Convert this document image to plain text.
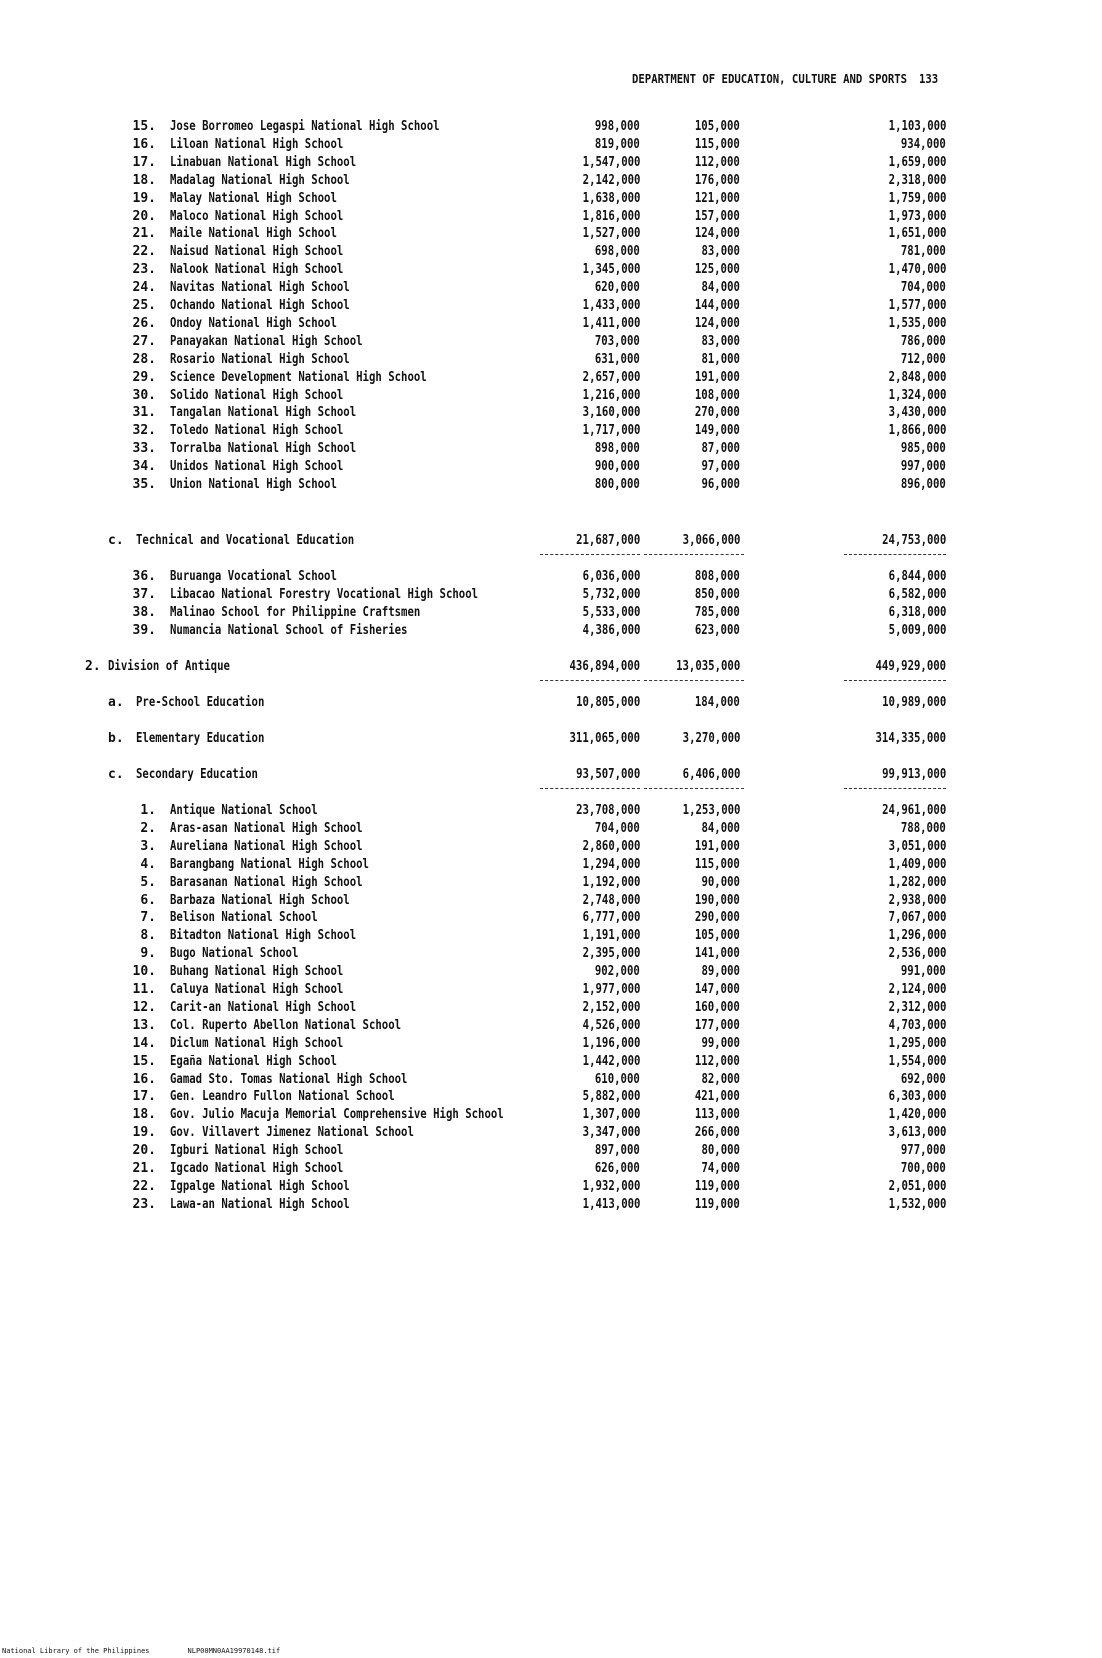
DEPARTMENT OF EDUCATION, CULTURE AND SPORTS 133
15. Jose Borromeo Legaspi National High School	998,000	105,000	1,103,000
16. Liloan National High School	819,000	115,000	934,000
17. Linabuan National High School	1,547,000	112,000	1,659,000
18. Madalag National High School	2,142,000	176,000	2,318,000
19. Malay National High School	1,638,000	121,000	1,759,000
20. Maloco National High School	1,816,000	157,000	1,973,000
21. Maile National High School	1,527,000	124,000	1,651,000
22. Naisud National High School	698,000	83,000	781,000
23. Nalook National High School	1,345,000	125,000	1,470,000
24. Navitas National High School	620,000	84,000	704,000
25. Ochando National High School	1,433,000	144,000	1,577,000
26. Ondoy National High School	1,411,000	124,000	1,535,000
27. Panayakan National High School	703,000	83,000	786,000
28. Rosario National High School	631,000	81,000	712,000
29. Science Development National High School	2,657,000	191,000	2,848,000
30. Solido National High School	1,216,000	108,000	1,324,000
31. Tangalan National High School	3,160,000	270,000	3,430,000
32. Toledo National High School	1,717,000	149,000	1,866,000
33. Torralba National High School	898,000	87,000	985,000
34. Unidos National High School	900,000	97,000	997,000
35. Union National High School	800,000	96,000	896,000
c. Technical and Vocational Education	21,687,000	3,066,000	24,753,000
36. Buruanga Vocational School	6,036,000	808,000	6,844,000
37. Libacao National Forestry Vocational High School	5,732,000	850,000	6,582,000
38. Malinao School for Philippine Craftsmen	5,533,000	785,000	6,318,000
39. Numancia National School of Fisheries	4,386,000	623,000	5,009,000
2. Division of Antique	436,894,000	13,035,000	449,929,000
a. Pre-School Education	10,805,000	184,000	10,989,000
b. Elementary Education	311,065,000	3,270,000	314,335,000
c. Secondary Education	93,507,000	6,406,000	99,913,000
1. Antique National School	23,708,000	1,253,000	24,961,000
2. Aras-asan National High School	704,000	84,000	788,000
3. Aureliana National High School	2,860,000	191,000	3,051,000
4. Barangbang National High School	1,294,000	115,000	1,409,000
5. Barasanan National High School	1,192,000	90,000	1,282,000
6. Barbaza National High School	2,748,000	190,000	2,938,000
7. Belison National School	6,777,000	290,000	7,067,000
8. Bitadton National High School	1,191,000	105,000	1,296,000
9. Bugo National School	2,395,000	141,000	2,536,000
10. Buhang National High School	902,000	89,000	991,000
11. Caluya National High School	1,977,000	147,000	2,124,000
12. Carit-an National High School	2,152,000	160,000	2,312,000
13. Col. Ruperto Abellon National School	4,526,000	177,000	4,703,000
14. Diclum National High School	1,196,000	99,000	1,295,000
15. Egaña National High School	1,442,000	112,000	1,554,000
16. Gamad Sto. Tomas National High School	610,000	82,000	692,000
17. Gen. Leandro Fullon National School	5,882,000	421,000	6,303,000
18. Gov. Julio Macuja Memorial Comprehensive High School	1,307,000	113,000	1,420,000
19. Gov. Villavert Jimenez National School	3,347,000	266,000	3,613,000
20. Igburi National High School	897,000	80,000	977,000
21. Igcado National High School	626,000	74,000	700,000
22. Igpalge National High School	1,932,000	119,000	2,051,000
23. Lawa-an National High School	1,413,000	119,000	1,532,000
National Library of the Philippines	NLP00MN0AA19970148.tif
